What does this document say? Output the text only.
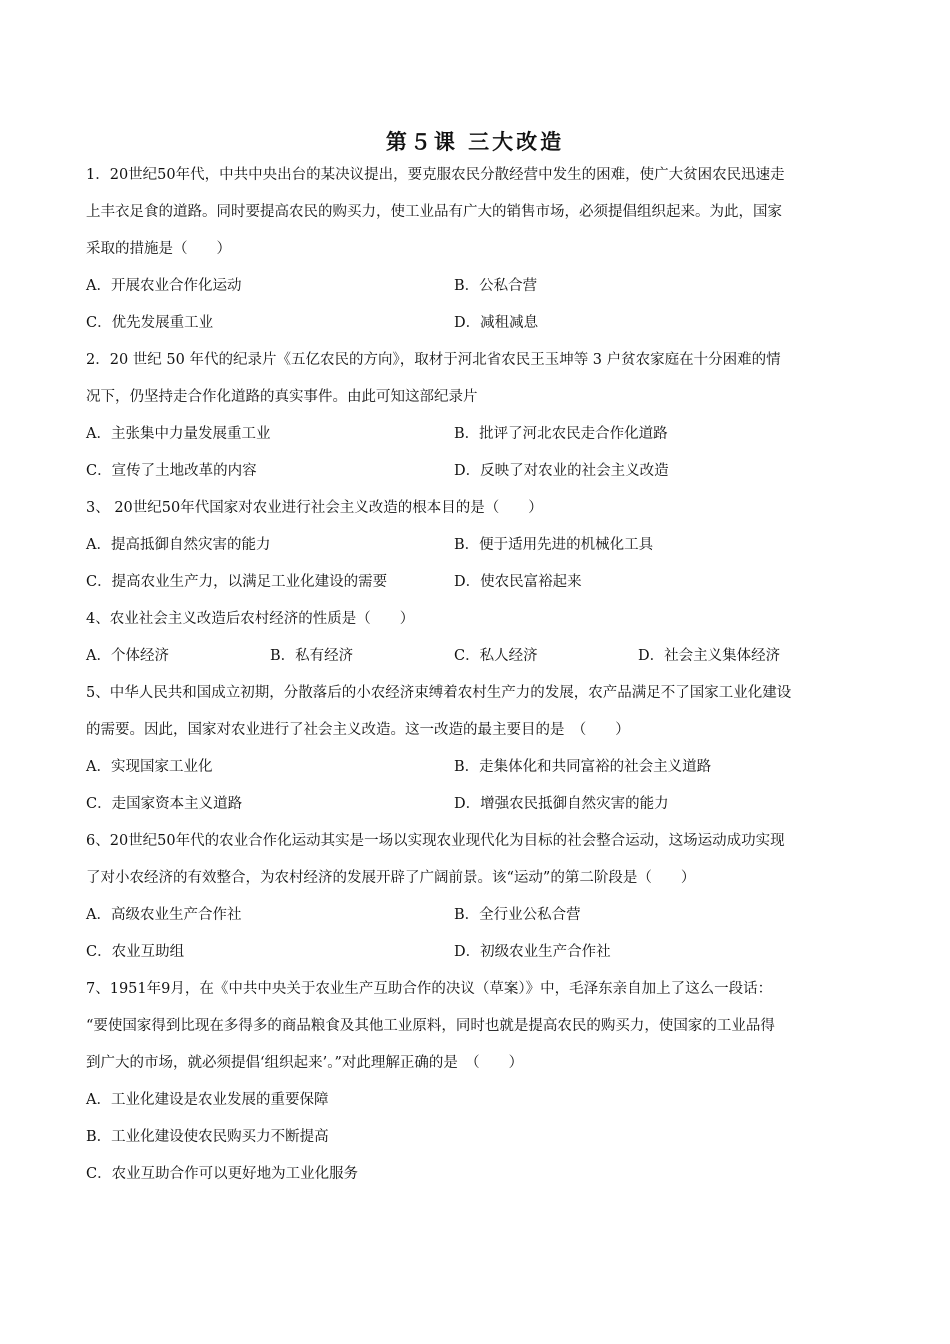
第５课 三大改造
1．20世纪50年代，中共中央出台的某决议提出，要克服农民分散经营中发生的困难，使广大贫困农民迅速走
上丰衣足食的道路。同时要提高农民的购买力，使工业品有广大的销售市场，必须提倡组织起来。为此，国家
采取的措施是（　　）
A．开展农业合作化运动	B．公私合营
C．优先发展重工业	D．减租减息
2．20 世纪 50 年代的纪录片《五亿农民的方向》，取材于河北省农民王玉坤等 3 户贫农家庭在十分困难的情
况下，仍坚持走合作化道路的真实事件。由此可知这部纪录片
A．主张集中力量发展重工业	B．批评了河北农民走合作化道路
C．宣传了土地改革的内容	D．反映了对农业的社会主义改造
3、 20世纪50年代国家对农业进行社会主义改造的根本目的是（　　）
A．提高抵御自然灾害的能力	B．便于适用先进的机械化工具
C．提高农业生产力，以满足工业化建设的需要	D．使农民富裕起来
4、农业社会主义改造后农村经济的性质是（　　）
A．个体经济	B．私有经济	C．私人经济	D．社会主义集体经济
5、中华人民共和国成立初期，分散落后的小农经济束缚着农村生产力的发展，农产品满足不了国家工业化建设
的需要。因此，国家对农业进行了社会主义改造。这一改造的最主要目的是　（　　）
A．实现国家工业化	B．走集体化和共同富裕的社会主义道路
C．走国家资本主义道路	D．增强农民抵御自然灾害的能力
6、20世纪50年代的农业合作化运动其实是一场以实现农业现代化为目标的社会整合运动，这场运动成功实现
了对小农经济的有效整合，为农村经济的发展开辟了广阔前景。该“运动”的第二阶段是（　　）
A．高级农业生产合作社	B．全行业公私合营
C．农业互助组	D．初级农业生产合作社
7、1951年9月，在《中共中央关于农业生产互助合作的决议（草案）》中，毛泽东亲自加上了这么一段话：
“要使国家得到比现在多得多的商品粮食及其他工业原料，同时也就是提高农民的购买力，使国家的工业品得
到广大的市场，就必须提倡‘组织起来’。”对此理解正确的是　（　　）
A．工业化建设是农业发展的重要保障
B．工业化建设使农民购买力不断提高
C．农业互助合作可以更好地为工业化服务
